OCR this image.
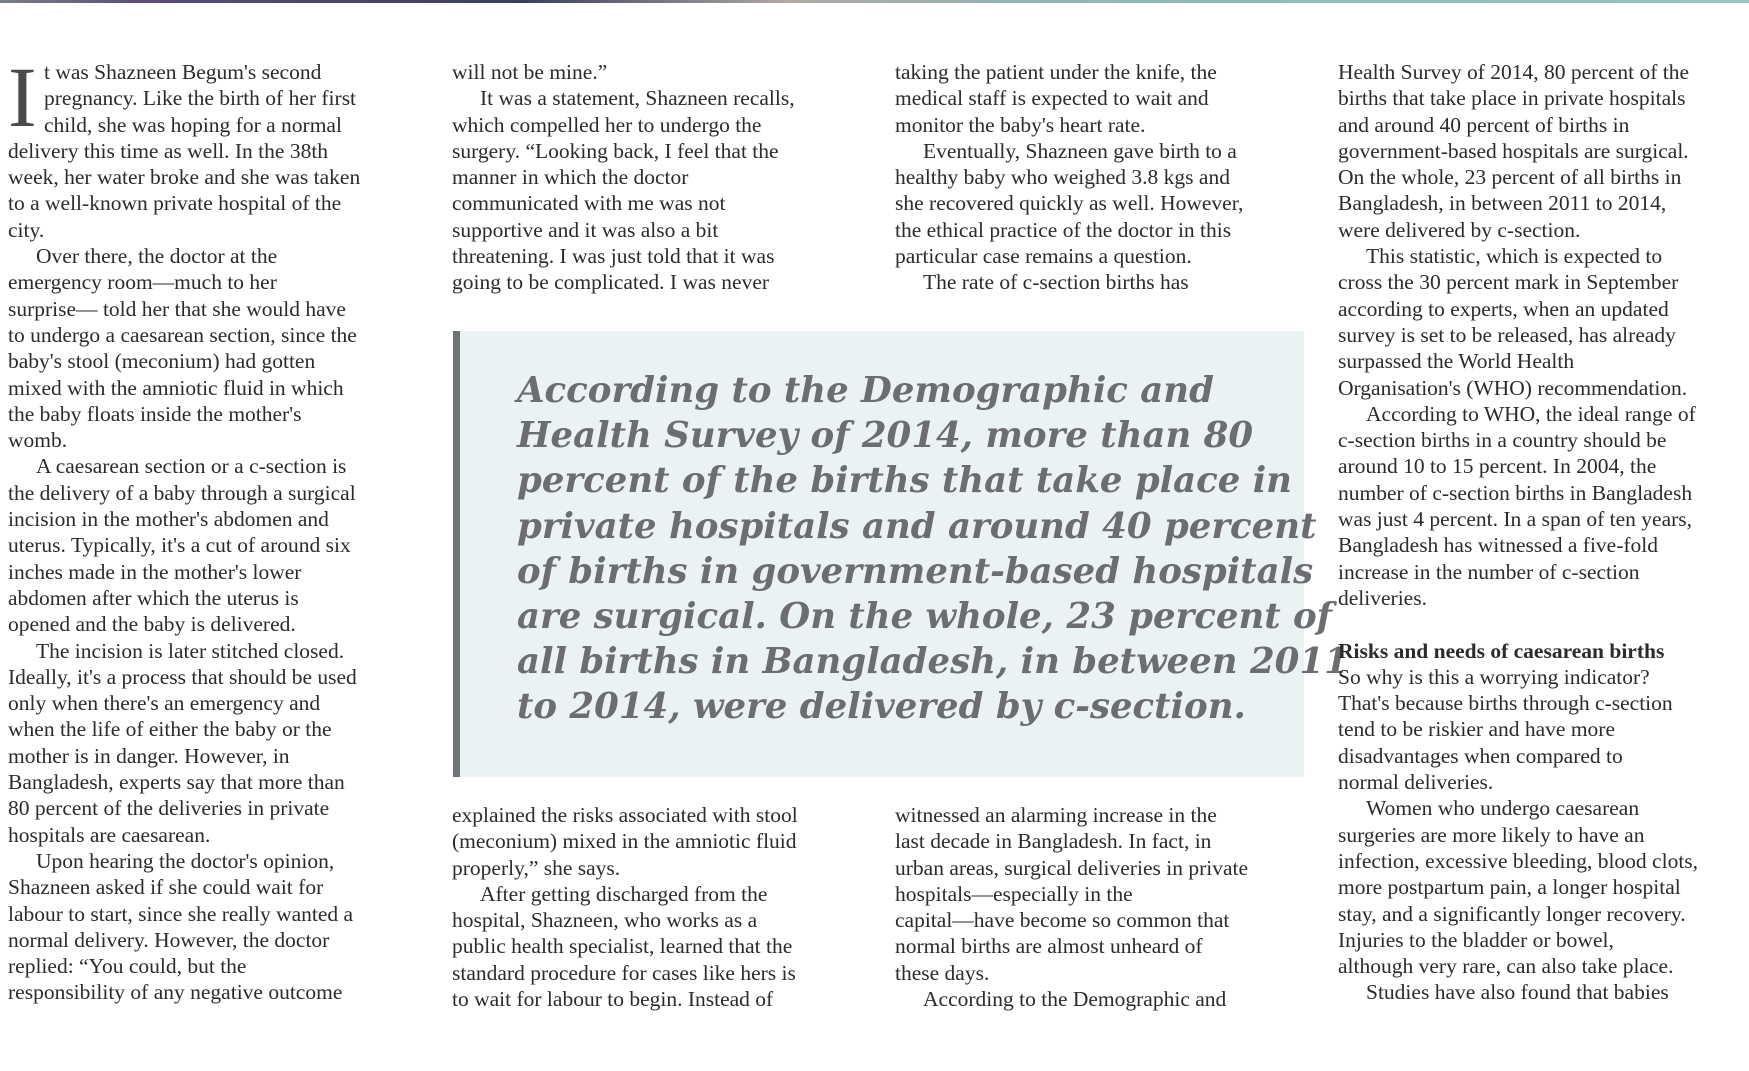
I t was Shazneen Begum's second
pregnancy. Like the birth of her first
child, she was hoping for a normal
delivery this time as well. In the 38th
week, her water broke and she was taken
to a well-known private hospital of the
city.
Over there, the doctor at the
emergency room—much to her
surprise— told her that she would have
to undergo a caesarean section, since the
baby's stool (meconium) had gotten
mixed with the amniotic fluid in which
the baby floats inside the mother's
womb.
A caesarean section or a c-section is
the delivery of a baby through a surgical
incision in the mother's abdomen and
uterus. Typically, it's a cut of around six
inches made in the mother's lower
abdomen after which the uterus is
opened and the baby is delivered.
The incision is later stitched closed.
Ideally, it's a process that should be used
only when there's an emergency and
when the life of either the baby or the
mother is in danger. However, in
Bangladesh, experts say that more than
80 percent of the deliveries in private
hospitals are caesarean.
Upon hearing the doctor's opinion,
Shazneen asked if she could wait for
labour to start, since she really wanted a
normal delivery. However, the doctor
replied: “You could, but the
responsibility of any negative outcome
will not be mine.”
It was a statement, Shazneen recalls,
which compelled her to undergo the
surgery. “Looking back, I feel that the
manner in which the doctor
communicated with me was not
supportive and it was also a bit
threatening. I was just told that it was
going to be complicated. I was never
taking the patient under the knife, the
medical staff is expected to wait and
monitor the baby's heart rate.
Eventually, Shazneen gave birth to a
healthy baby who weighed 3.8 kgs and
she recovered quickly as well. However,
the ethical practice of the doctor in this
particular case remains a question.
The rate of c-section births has
According to the Demographic and
Health Survey of 2014, more than 80
percent of the births that take place in
private hospitals and around 40 percent
of births in government-based hospitals
are surgical. On the whole, 23 percent of
all births in Bangladesh, in between 2011
to 2014, were delivered by c-section.
explained the risks associated with stool
(meconium) mixed in the amniotic fluid
properly,” she says.
After getting discharged from the
hospital, Shazneen, who works as a
public health specialist, learned that the
standard procedure for cases like hers is
to wait for labour to begin. Instead of
witnessed an alarming increase in the
last decade in Bangladesh. In fact, in
urban areas, surgical deliveries in private
hospitals—especially in the
capital—have become so common that
normal births are almost unheard of
these days.
According to the Demographic and
Health Survey of 2014, 80 percent of the
births that take place in private hospitals
and around 40 percent of births in
government-based hospitals are surgical.
On the whole, 23 percent of all births in
Bangladesh, in between 2011 to 2014,
were delivered by c-section.
This statistic, which is expected to
cross the 30 percent mark in September
according to experts, when an updated
survey is set to be released, has already
surpassed the World Health
Organisation's (WHO) recommendation.
According to WHO, the ideal range of
c-section births in a country should be
around 10 to 15 percent. In 2004, the
number of c-section births in Bangladesh
was just 4 percent. In a span of ten years,
Bangladesh has witnessed a five-fold
increase in the number of c-section
deliveries.

Risks and needs of caesarean births
So why is this a worrying indicator?
That's because births through c-section
tend to be riskier and have more
disadvantages when compared to
normal deliveries.
Women who undergo caesarean
surgeries are more likely to have an
infection, excessive bleeding, blood clots,
more postpartum pain, a longer hospital
stay, and a significantly longer recovery.
Injuries to the bladder or bowel,
although very rare, can also take place.
Studies have also found that babies
